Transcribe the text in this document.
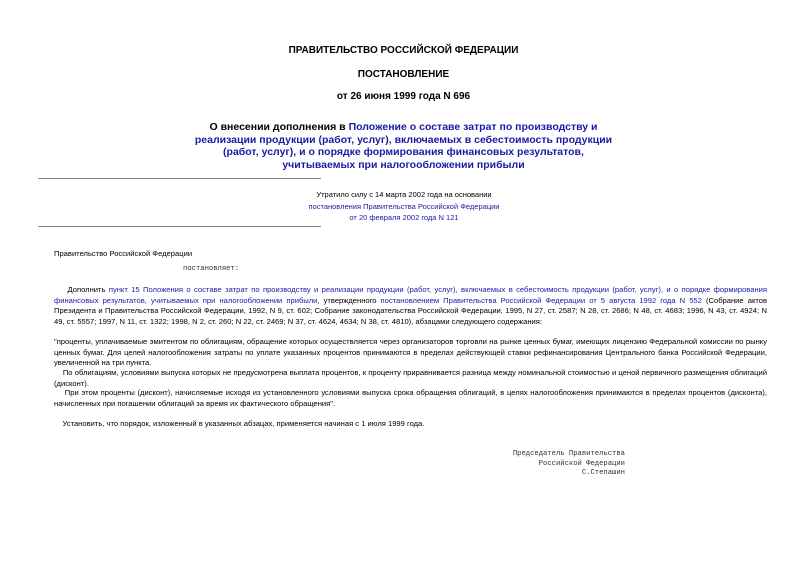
ПРАВИТЕЛЬСТВО РОССИЙСКОЙ ФЕДЕРАЦИИ
ПОСТАНОВЛЕНИЕ
от 26 июня 1999 года N 696
О внесении дополнения в Положение о составе затрат по производству и реализации продукции (работ, услуг), включаемых в себестоимость продукции (работ, услуг), и о порядке формирования финансовых результатов, учитываемых при налогообложении прибыли
Утратило силу с 14 марта 2002 года на основании
постановления Правительства Российской Федерации
от 20 февраля 2002 года N 121

Правительство Российской Федерации

постановляет:

Дополнить пункт 15 Положения о составе затрат по производству и реализации продукции (работ, услуг), включаемых в себестоимость продукции (работ, услуг), и о порядке формирования финансовых результатов, учитываемых при налогообложении прибыли, утвержденного постановлением Правительства Российской Федерации от 5 августа 1992 года N 552 (Собрание актов Президента и Правительства Российской Федерации, 1992, N 9, ст. 602; Собрание законодательства Российской Федерации, 1995, N 27, ст. 2587; N 28, ст. 2686; N 48, ст. 4683; 1996, N 43, ст. 4924; N 49, ст. 5557; 1997, N 11, ст. 1322; 1998, N 2, ст. 260; N 22, ст. 2469; N 37, ст. 4624, 4634; N 38, ст. 4810), абзацами следующего содержания:

"проценты, уплачиваемые эмитентом по облигациям, обращение которых осуществляется через организаторов торговли на рынке ценных бумаг, имеющих лицензию Федеральной комиссии по рынку ценных бумаг. Для целей налогообложения затраты по уплате указанных процентов принимаются в пределах действующей ставки рефинансирования Центрального банка Российской Федерации, увеличенной на три пункта.

По облигациям, условиями выпуска которых не предусмотрена выплата процентов, к проценту приравнивается разница между номинальной стоимостью и ценой первичного размещения облигаций (дисконт).

При этом проценты (дисконт), начисляемые исходя из установленного условиями выпуска срока обращения облигаций, в целях налогообложения принимаются в пределах процентов (дисконта), начисленных при погашении облигаций за время их фактического обращения".

Установить, что порядок, изложенный в указанных абзацах, применяется начиная с 1 июля 1999 года.

Председатель Правительства
Российской Федерации
С.Степашин
